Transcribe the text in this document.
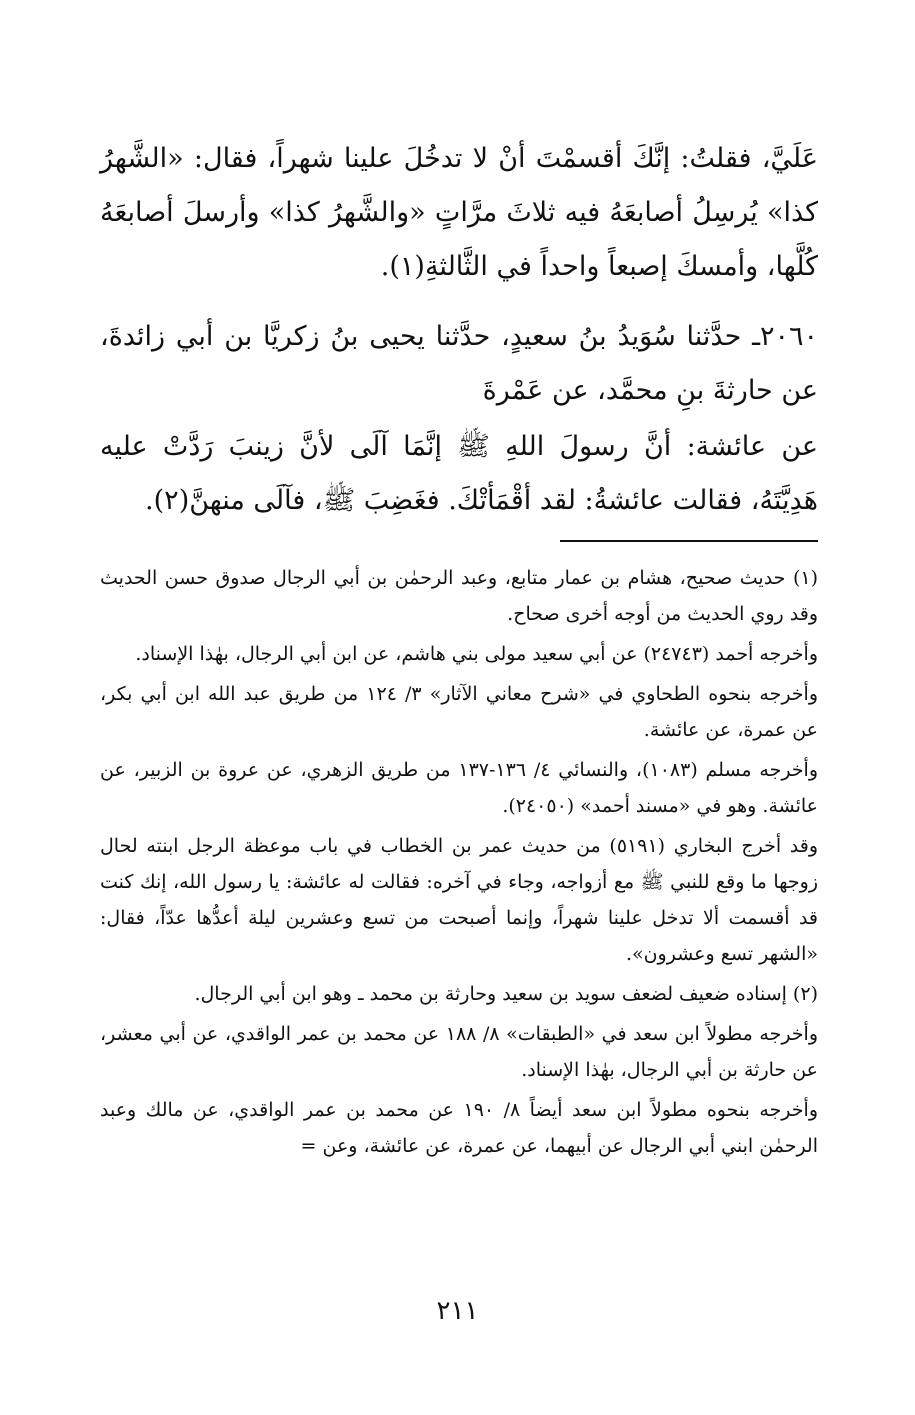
عَلَيَّ، فقلتُ: إنَّكَ أقسمْتَ أنْ لا تدخُلَ علينا شهراً، فقال: «الشَّهرُ كذا» يُرسِلُ أصابعَهُ فيه ثلاثَ مرَّاتٍ «والشَّهرُ كذا» وأرسلَ أصابعَهُ كُلَّها، وأمسكَ إصبعاً واحداً في الثَّالثةِ(١).

٢٠٦٠ـ حدَّثنا سُوَيدُ بنُ سعيدٍ، حدَّثنا يحيى بنُ زكريَّا بن أبي زائدةَ، عن حارثةَ بنِ محمَّد، عن عَمْرةَ

عن عائشة: أنَّ رسولَ اللهِ ﷺ إنَّمَا آلَى لأنَّ زينبَ رَدَّتْ عليه هَدِيَّتَهُ، فقالت عائشةُ: لقد أقْمَأتْكَ. فغَضِبَ ﷺ، فآلَى منهنَّ(٢).

(١) حديث صحيح، هشام بن عمار متابع، وعبد الرحمٰن بن أبي الرجال صدوق حسن الحديث وقد روي الحديث من أوجه أخرى صحاح.

وأخرجه أحمد (٢٤٧٤٣) عن أبي سعيد مولى بني هاشم، عن ابن أبي الرجال، بهٰذا الإسناد.

وأخرجه بنحوه الطحاوي في «شرح معاني الآثار» ٣/ ١٢٤ من طريق عبد الله ابن أبي بكر، عن عمرة، عن عائشة.

وأخرجه مسلم (١٠٨٣)، والنسائي ٤/ ١٣٦-١٣٧ من طريق الزهري، عن عروة بن الزبير، عن عائشة. وهو في «مسند أحمد» (٢٤٠٥٠).

وقد أخرج البخاري (٥١٩١) من حديث عمر بن الخطاب في باب موعظة الرجل ابنته لحال زوجها ما وقع للنبي ﷺ مع أزواجه، وجاء في آخره: فقالت له عائشة: يا رسول الله، إنك كنت قد أقسمت ألا تدخل علينا شهراً، وإنما أصبحت من تسع وعشرين ليلة أعدُّها عدّاً، فقال: «الشهر تسع وعشرون».

(٢) إسناده ضعيف لضعف سويد بن سعيد وحارثة بن محمد ـ وهو ابن أبي الرجال.

وأخرجه مطولاً ابن سعد في «الطبقات» ٨/ ١٨٨ عن محمد بن عمر الواقدي، عن أبي معشر، عن حارثة بن أبي الرجال، بهٰذا الإسناد.

وأخرجه بنحوه مطولاً ابن سعد أيضاً ٨/ ١٩٠ عن محمد بن عمر الواقدي، عن مالك وعبد الرحمٰن ابني أبي الرجال عن أبيهما، عن عمرة، عن عائشة، وعن =

٢١١
